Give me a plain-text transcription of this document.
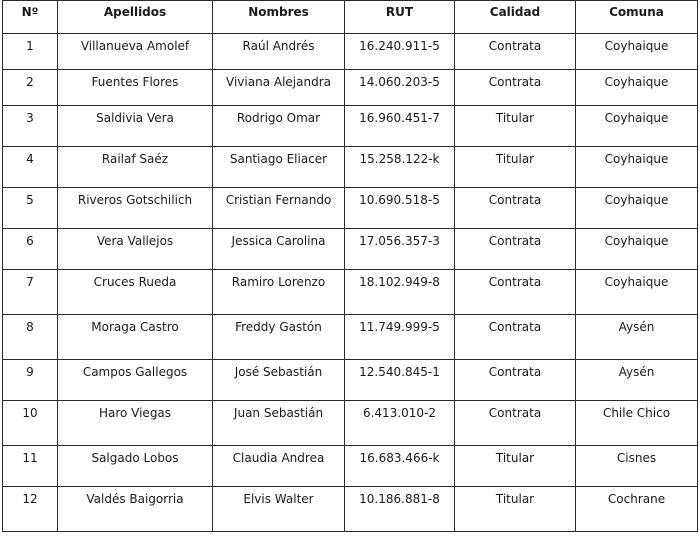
Nº	Apellidos	Nombres	RUT	Calidad	Comuna
1	Villanueva Amolef	Raúl Andrés	16.240.911-5	Contrata	Coyhaique
2	Fuentes Flores	Viviana Alejandra	14.060.203-5	Contrata	Coyhaique
3	Saldivia Vera	Rodrigo Omar	16.960.451-7	Titular	Coyhaique
4	Railaf Saéz	Santiago Eliacer	15.258.122-k	Titular	Coyhaique
5	Riveros Gotschilich	Cristian Fernando	10.690.518-5	Contrata	Coyhaique
6	Vera Vallejos	Jessica Carolina	17.056.357-3	Contrata	Coyhaique
7	Cruces Rueda	Ramiro Lorenzo	18.102.949-8	Contrata	Coyhaique
8	Moraga Castro	Freddy Gastón	11.749.999-5	Contrata	Aysén
9	Campos Gallegos	José Sebastián	12.540.845-1	Contrata	Aysén
10	Haro Viegas	Juan Sebastián	6.413.010-2	Contrata	Chile Chico
11	Salgado Lobos	Claudia Andrea	16.683.466-k	Titular	Cisnes
12	Valdés Baigorria	Elvis Walter	10.186.881-8	Titular	Cochrane
